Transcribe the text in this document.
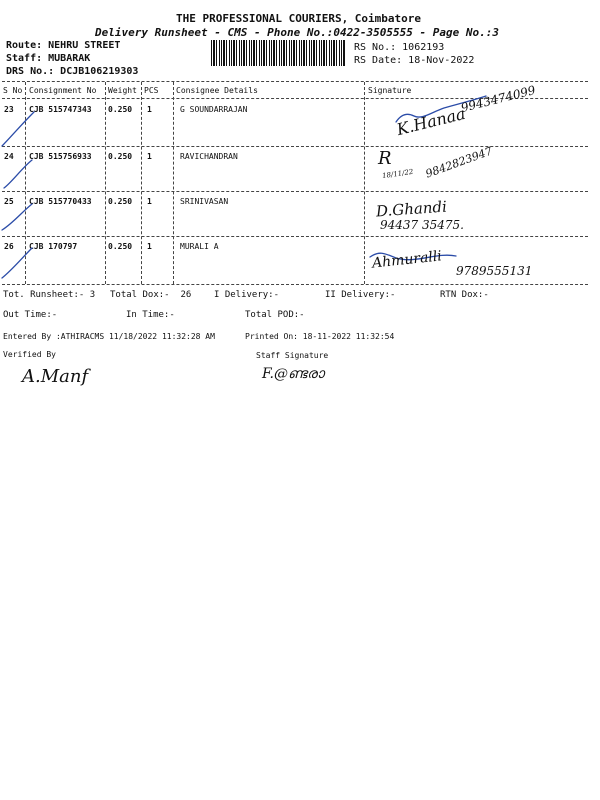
THE PROFESSIONAL COURIERS, Coimbatore
Delivery Runsheet - CMS - Phone No.:0422-3505555 - Page No.:3
Route: NEHRU STREET
Staff: MUBARAK
DRS No.: DCJB106219303
RS No.: 1062193
RS Date: 18-Nov-2022
S No Consignment No Weight PCS Consignee Details	Signature
23 CJB 515747343 0.250 1	G SOUNDARRAJAN
24 CJB 515756933 0.250 1	RAVICHANDRAN
25 CJB 515770433 0.250 1	SRINIVASAN
26 CJB 170797	0.250 1	MURALI A
K.Hanaa
9943474099
R
18/11/22 9842823947
D.Ghandi
94437 35475.
Ahmuralli 9789555131
Tot. Runsheet:- 3 Total Dox:-  26	I Delivery:-	II Delivery:-	RTN Dox:-
Out Time:-	In Time:-	Total POD:-
Entered By :ATHIRACMS 11/18/2022 11:32:28 AM	Printed On: 18-11-2022 11:32:54
Verified By	Staff Signature
A.Manf	F.@ണ്ടരാ
